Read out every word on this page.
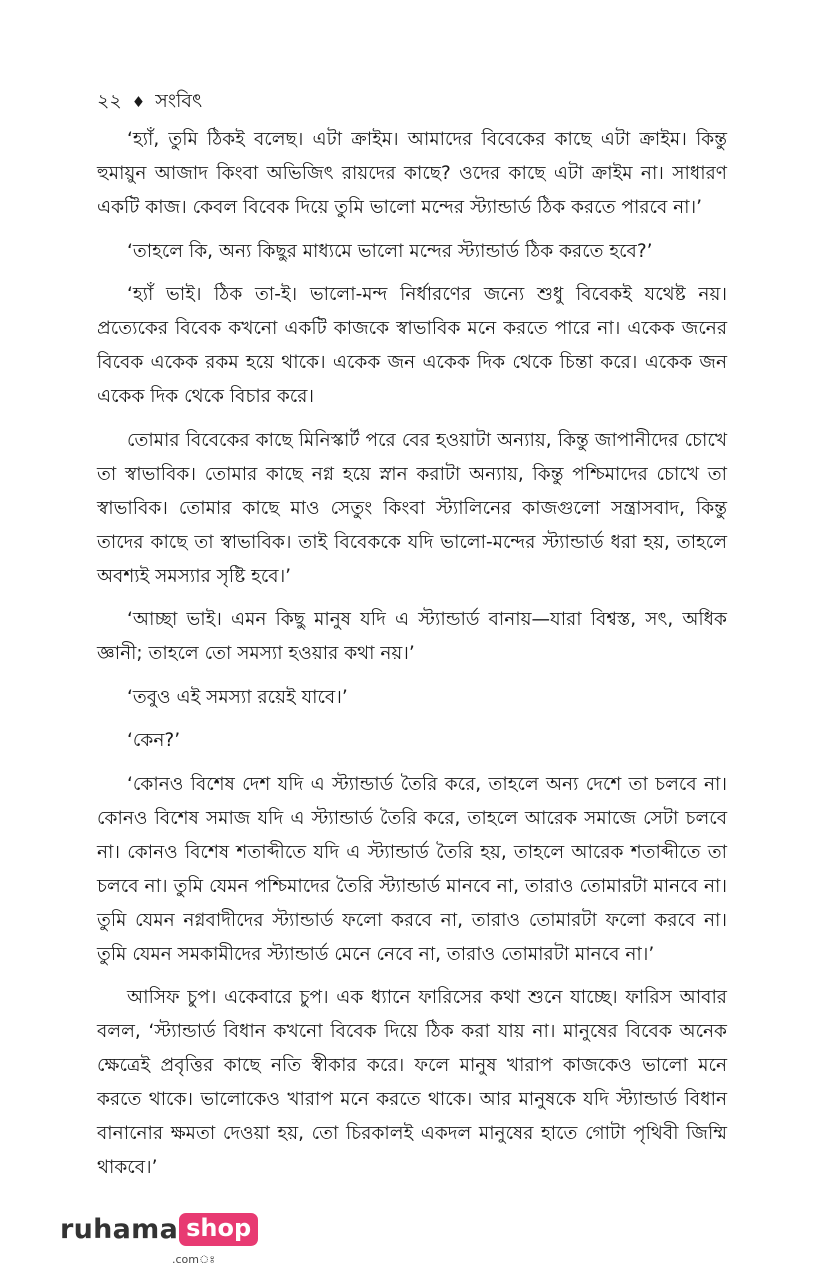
২২ ♦ সংবিৎ

‘হ্যাঁ, তুমি ঠিকই বলেছ। এটা ক্রাইম। আমাদের বিবেকের কাছে এটা ক্রাইম। কিন্তু হুমায়ুন আজাদ কিংবা অভিজিৎ রায়দের কাছে? ওদের কাছে এটা ক্রাইম না। সাধারণ একটি কাজ। কেবল বিবেক দিয়ে তুমি ভালো মন্দের স্ট্যান্ডার্ড ঠিক করতে পারবে না।’

‘তাহলে কি, অন্য কিছুর মাধ্যমে ভালো মন্দের স্ট্যান্ডার্ড ঠিক করতে হবে?’

‘হ্যাঁ ভাই। ঠিক তা-ই। ভালো-মন্দ নির্ধারণের জন্যে শুধু বিবেকই যথেষ্ট নয়। প্রত্যেকের বিবেক কখনো একটি কাজকে স্বাভাবিক মনে করতে পারে না। একেক জনের বিবেক একেক রকম হয়ে থাকে। একেক জন একেক দিক থেকে চিন্তা করে। একেক জন একেক দিক থেকে বিচার করে।

তোমার বিবেকের কাছে মিনিস্কার্ট পরে বের হওয়াটা অন্যায়, কিন্তু জাপানীদের চোখে তা স্বাভাবিক। তোমার কাছে নগ্ন হয়ে স্নান করাটা অন্যায়, কিন্তু পশ্চিমাদের চোখে তা স্বাভাবিক। তোমার কাছে মাও সেতুং কিংবা স্ট্যালিনের কাজগুলো সন্ত্রাসবাদ, কিন্তু তাদের কাছে তা স্বাভাবিক। তাই বিবেককে যদি ভালো-মন্দের স্ট্যান্ডার্ড ধরা হয়, তাহলে অবশ্যই সমস্যার সৃষ্টি হবে।’

‘আচ্ছা ভাই। এমন কিছু মানুষ যদি এ স্ট্যান্ডার্ড বানায়—যারা বিশ্বস্ত, সৎ, অধিক জ্ঞানী; তাহলে তো সমস্যা হওয়ার কথা নয়।’

‘তবুও এই সমস্যা রয়েই যাবে।’

‘কেন?’

‘কোনও বিশেষ দেশ যদি এ স্ট্যান্ডার্ড তৈরি করে, তাহলে অন্য দেশে তা চলবে না। কোনও বিশেষ সমাজ যদি এ স্ট্যান্ডার্ড তৈরি করে, তাহলে আরেক সমাজে সেটা চলবে না। কোনও বিশেষ শতাব্দীতে যদি এ স্ট্যান্ডার্ড তৈরি হয়, তাহলে আরেক শতাব্দীতে তা চলবে না। তুমি যেমন পশ্চিমাদের তৈরি স্ট্যান্ডার্ড মানবে না, তারাও তোমারটা মানবে না। তুমি যেমন নগ্নবাদীদের স্ট্যান্ডার্ড ফলো করবে না, তারাও তোমারটা ফলো করবে না। তুমি যেমন সমকামীদের স্ট্যান্ডার্ড মেনে নেবে না, তারাও তোমারটা মানবে না।’

আসিফ চুপ। একেবারে চুপ। এক ধ্যানে ফারিসের কথা শুনে যাচ্ছে। ফারিস আবার বলল, ‘স্ট্যান্ডার্ড বিধান কখনো বিবেক দিয়ে ঠিক করা যায় না। মানুষের বিবেক অনেক ক্ষেত্রেই প্রবৃত্তির কাছে নতি স্বীকার করে। ফলে মানুষ খারাপ কাজকেও ভালো মনে করতে থাকে। ভালোকেও খারাপ মনে করতে থাকে। আর মানুষকে যদি স্ট্যান্ডার্ড বিধান বানানোর ক্ষমতা দেওয়া হয়, তো চিরকালই একদল মানুষের হাতে গোটা পৃথিবী জিম্মি থাকবে।’

ruhama shop
.comঃ
